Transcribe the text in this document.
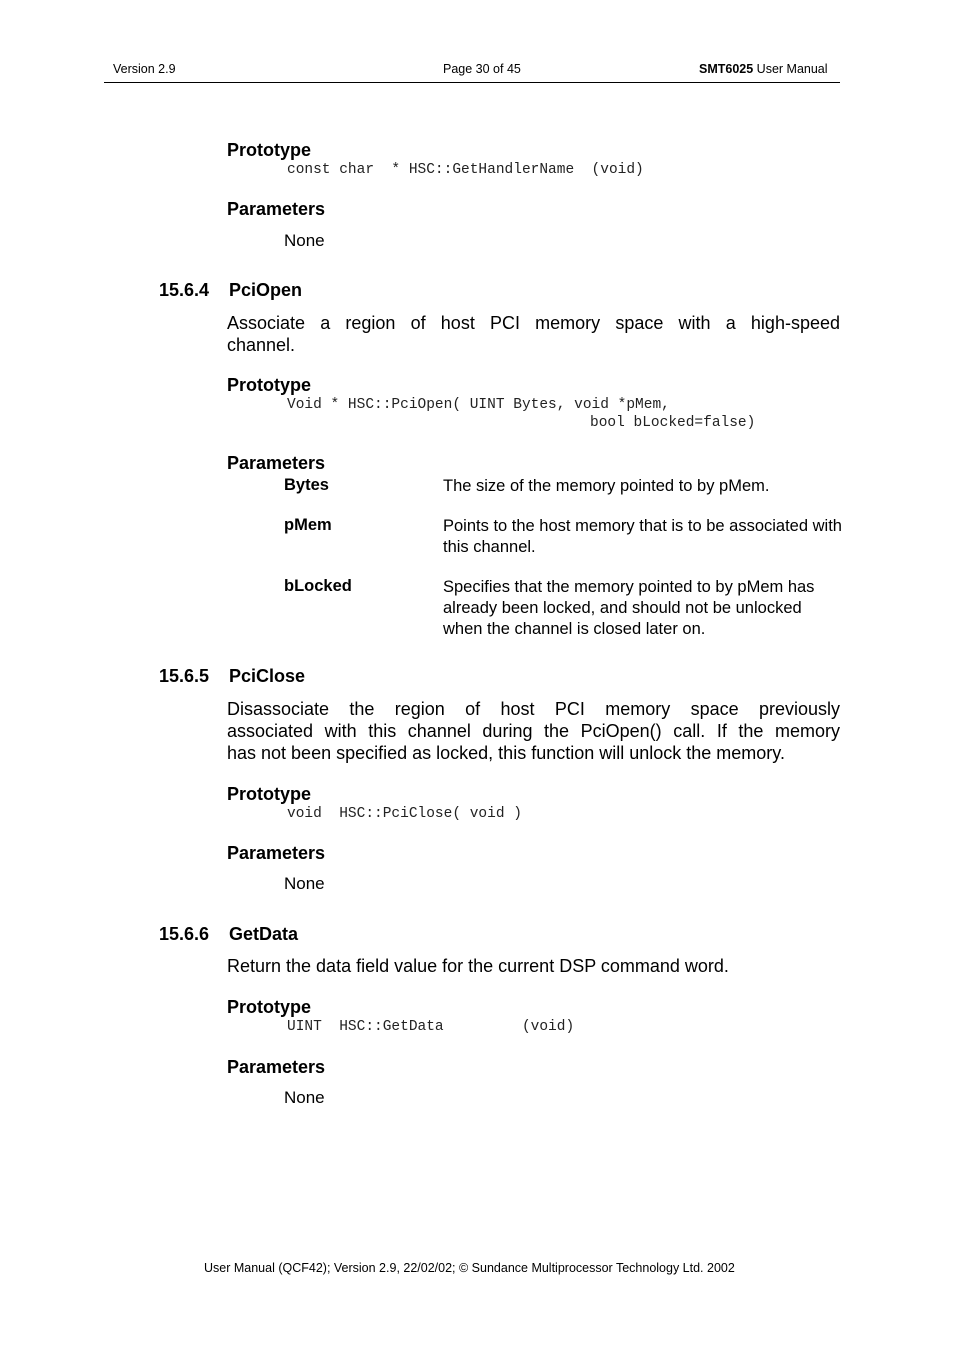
Version 2.9	Page 30 of 45	SMT6025 User Manual
Prototype
const char  * HSC::GetHandlerName  (void)
Parameters
None
15.6.4 PciOpen
Associate a region of host PCI memory space with a high-speed
channel.
Prototype
Void * HSC::PciOpen( UINT Bytes, void *pMem,
bool bLocked=false)
Parameters
Bytes	The size of the memory pointed to by pMem.
pMem	Points to the host memory that is to be associated with this channel.
bLocked	Specifies that the memory pointed to by pMem has already been locked, and should not be unlocked when the channel is closed later on.
15.6.5 PciClose
Disassociate the region of host PCI memory space previously
associated with this channel during the PciOpen() call. If the memory
has not been specified as locked, this function will unlock the memory.
Prototype
void  HSC::PciClose( void )
Parameters
None
15.6.6 GetData
Return the data field value for the current DSP command word.
Prototype
UINT  HSC::GetData         (void)
Parameters
None
User Manual (QCF42); Version 2.9, 22/02/02; © Sundance Multiprocessor Technology Ltd. 2002
